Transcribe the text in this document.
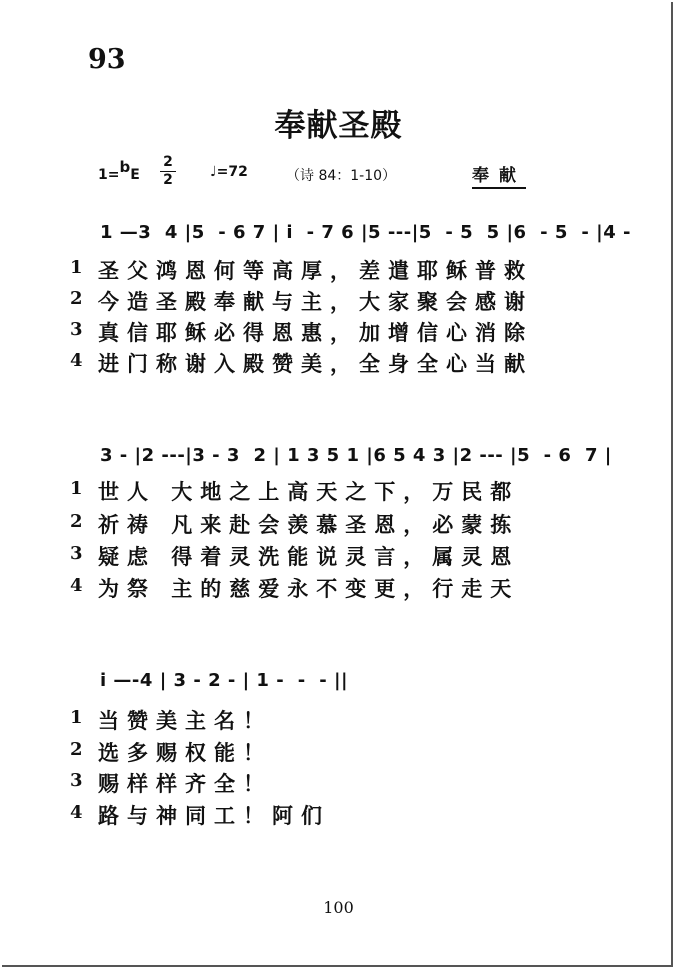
93
奉献圣殿
1=bE
2
2	♩=72	（诗 84：1-10）	奉献
1 —3  4 |5  - 6 7 | i  - 7 6 |5 ---|5  - 5  5 |6  - 5  - |4 -
1 圣父鸿恩何等高厚，差遣耶稣普救
2 今造圣殿奉献与主，大家聚会感谢
3 真信耶稣必得恩惠，加增信心消除
4 进门称谢入殿赞美，全身全心当献
3 - |2 ---|3 - 3  2 | 1 3 5 1 |6 5 4 3 |2 --- |5  - 6  7 |
1 世人 大地之上高天之下，万民都
2 祈祷 凡来赴会羡慕圣恩，必蒙拣
3 疑虑 得着灵洗能说灵言，属灵恩
4 为祭 主的慈爱永不变更，行走天
i —-4 | 3 - 2 - | 1 -  -  - ||
1 当赞美主名！
2 选多赐权能！
3 赐样样齐全！
4 路与神同工！阿们
100
